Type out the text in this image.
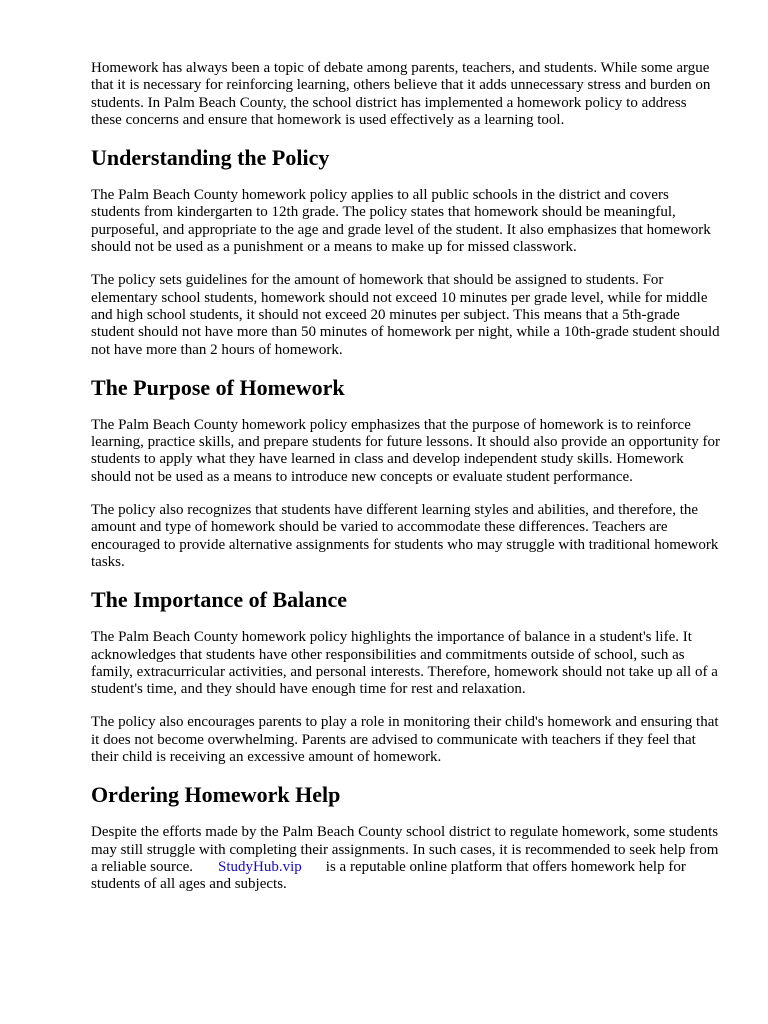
Homework has always been a topic of debate among parents, teachers, and students. While some argue that it is necessary for reinforcing learning, others believe that it adds unnecessary stress and burden on students. In Palm Beach County, the school district has implemented a homework policy to address these concerns and ensure that homework is used effectively as a learning tool.

Understanding the Policy

The Palm Beach County homework policy applies to all public schools in the district and covers students from kindergarten to 12th grade. The policy states that homework should be meaningful, purposeful, and appropriate to the age and grade level of the student. It also emphasizes that homework should not be used as a punishment or a means to make up for missed classwork.

The policy sets guidelines for the amount of homework that should be assigned to students. For elementary school students, homework should not exceed 10 minutes per grade level, while for middle and high school students, it should not exceed 20 minutes per subject. This means that a 5th-grade student should not have more than 50 minutes of homework per night, while a 10th-grade student should not have more than 2 hours of homework.

The Purpose of Homework

The Palm Beach County homework policy emphasizes that the purpose of homework is to reinforce learning, practice skills, and prepare students for future lessons. It should also provide an opportunity for students to apply what they have learned in class and develop independent study skills. Homework should not be used as a means to introduce new concepts or evaluate student performance.

The policy also recognizes that students have different learning styles and abilities, and therefore, the amount and type of homework should be varied to accommodate these differences. Teachers are encouraged to provide alternative assignments for students who may struggle with traditional homework tasks.

The Importance of Balance

The Palm Beach County homework policy highlights the importance of balance in a student's life. It acknowledges that students have other responsibilities and commitments outside of school, such as family, extracurricular activities, and personal interests. Therefore, homework should not take up all of a student's time, and they should have enough time for rest and relaxation.

The policy also encourages parents to play a role in monitoring their child's homework and ensuring that it does not become overwhelming. Parents are advised to communicate with teachers if they feel that their child is receiving an excessive amount of homework.

Ordering Homework Help

Despite the efforts made by the Palm Beach County school district to regulate homework, some students may still struggle with completing their assignments. In such cases, it is recommended to seek help from a reliable source. StudyHub.vip is a reputable online platform that offers homework help for students of all ages and subjects.
